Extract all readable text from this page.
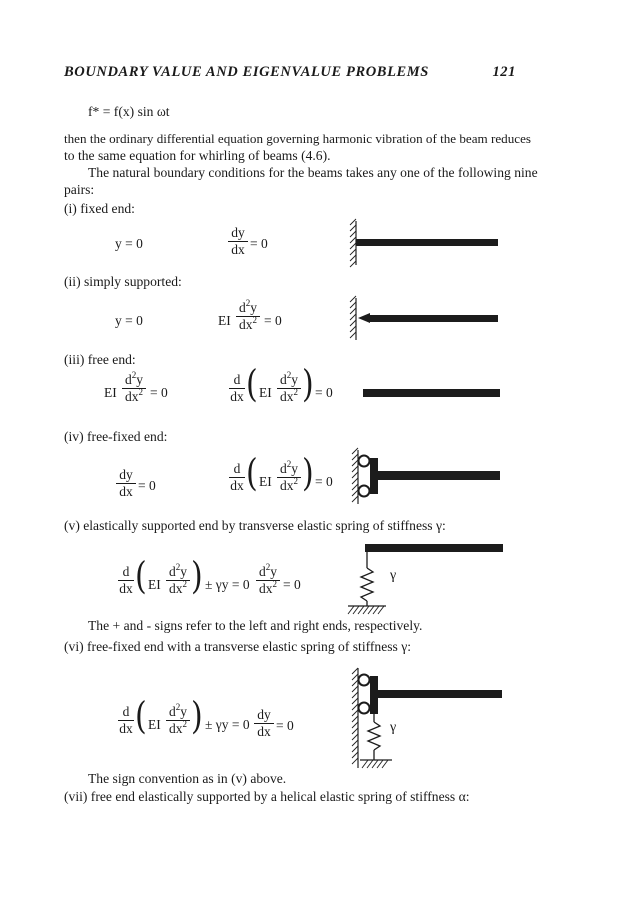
BOUNDARY VALUE AND EIGENVALUE PROBLEMS	121
f* = f(x) sin ωt
then the ordinary differential equation governing harmonic vibration of the beam reduces
to the same equation for whirling of beams (4.6).
The natural boundary conditions for the beams takes any one of the following nine
pairs:
(i) fixed end:
y = 0
dy
dx = 0
(ii) simply supported:
y = 0	EI
$d^2y$
$dx^2 = 0$
(iii) free end:
EI
$d^2y$
$dx^2 = 0$
d
dx ( EI
$d^2y$
$dx^2$ ) = 0
(iv) free-fixed end:
dy
dx = 0
d
dx ( EI
$d^2y$
$dx^2$ ) = 0
(v) elastically supported end by transverse elastic spring of stiffness γ:
d
dx ( EI
$d^2y$
$dx^2$ ) ± γy = 0
$d^2y$
$dx^2 = 0$
γ
The + and - signs refer to the left and right ends, respectively.
(vi) free-fixed end with a transverse elastic spring of stiffness γ:
d
dx ( EI
$d^2y$
$dx^2$ ) ± γy = 0
dy
dx = 0	γ
The sign convention as in (v) above.
(vii) free end elastically supported by a helical elastic spring of stiffness α:
